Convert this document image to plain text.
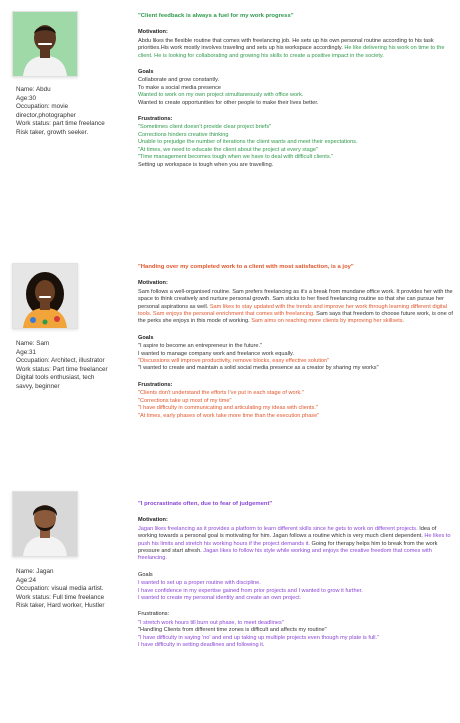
Name: Abdu
Age:30
Occupation: movie
director,photographer
Work status: part time freelance
Risk taker, growth seeker.
"Client feedback is always a fuel for my work progress"
Motivation:

Abdu likes the flexible routine that comes with freelancing job. He sets up his own personal routine according to his task priorities.His work mostly involves traveling and sets up his workspace accordingly. He like delivering his work on time to the client. He is looking for collaborating and growing his skills to create a positive impact in the society.

Goals
Collaborate and grow constantly.
To make a social media presence
Wanted to work on my own project simultaneously with office work.
Wanted to create opportunities for other people to make their lives better.
Frustrations:
"Sometimes client doesn't provide clear project briefs"
Corrections hinders creative thinking
Unable to prejudge the number of iterations the client wants and meet their expectations.
"At times, we need to educate the client about the project at every stage"
"Time management becomes tough when we have to deal with difficult clients."
Setting up workspace is tough when you are travelling.
Name: Sam
Age:31
Occupation: Architect, illustrator
Work status: Part time freelancer
Digital tools enthusiast, tech
savvy, beginner
"Handing over my completed work to a client with most satisfaction, is a joy"
Motivation:

Sam follows a well-organised routine. Sam prefers freelancing as it's a break from mundane office work. It provides her with the space to think creatively and nurture personal growth. Sam sticks to her fixed freelancing routine so that she can pursue her personal aspirations as well. Sam likes to stay updated with the trends and improve her work through learning different digital tools. Sam enjoys the personal enrichment that comes with freelancing. Sam says that freedom to choose future work, is one of the perks she enjoys in this mode of working. Sam aims on reaching more clients by improving her skillsets.

Goals
"I aspire to become an entrepreneur in the future."
I wanted to manage company work and freelance work equally.
"Discussions will improve productivity, remove blocks, easy effective solution"
"I wanted to create and maintain a solid social media presence as a creator by sharing my works"
Frustrations:
"Clients don't understand the efforts I've put in each stage of work."
"Corrections take up most of my time"
"I have difficulty in communicating and articulating my ideas with clients."
"At times, early phases of work take more time than the execution phase"
Name: Jagan
Age:24
Occupation: visual media artist.
Work status: Full time freelance
Risk taker, Hard worker, Hustler
"I procrastinate often, due to fear of judgement"
Motivation:

Jagan likes freelancing as it provides a platform to learn different skills since he gets to work on different projects. Idea of working towards a personal goal is motivating for him. Jagan follows a routine which is very much client dependent. He likes to push his limits and stretch his working hours if the project demands it. Going for therapy helps him to break from the work pressure and start afresh. Jagan likes to follow his style while working and enjoys the creative freedom that comes with freelancing.

Goals
I wanted to set up a proper routine with discipline.
I have confidence in my expertise gained from prior projects and I wanted to grow it further.
I wanted to create my personal identity and create an own project.
Frustrations:
"I stretch work hours till burn out phase, to meet deadlines"
"Handling Clients from different time zones is difficult and affects my routine"
"I have difficulty in saying 'no' and end up taking up multiple projects even though my plate is full."
I have difficulty in setting deadlines and following it.
